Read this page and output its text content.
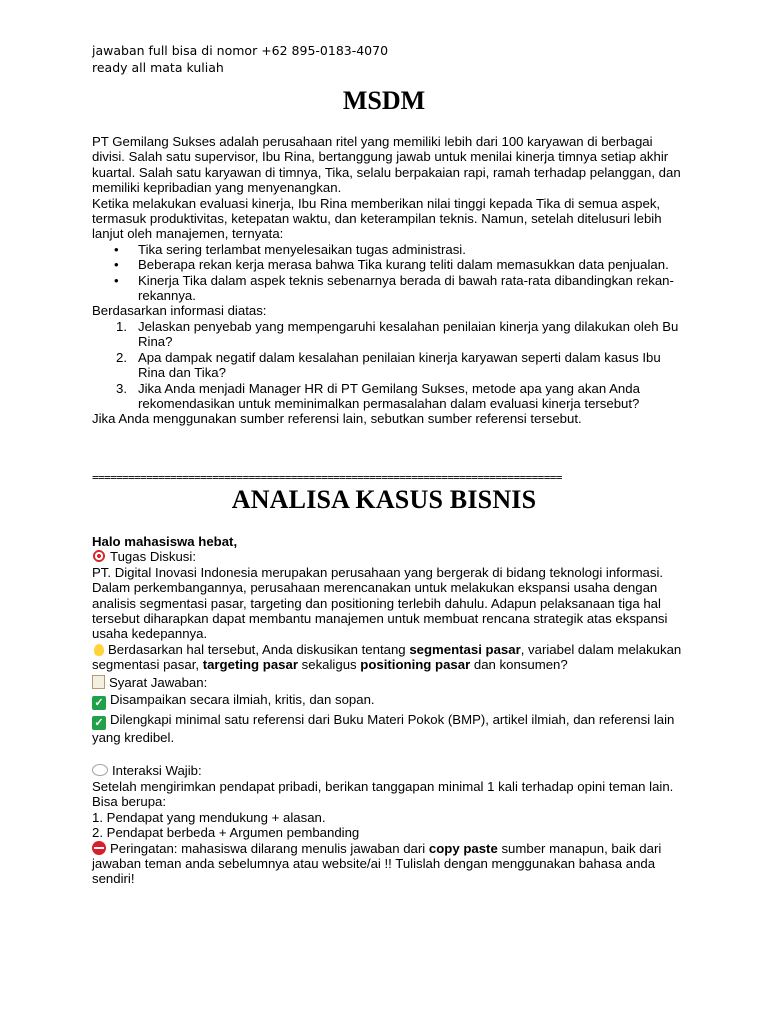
jawaban full bisa di nomor +62 895-0183-4070
ready all mata kuliah
MSDM

PT Gemilang Sukses adalah perusahaan ritel yang memiliki lebih dari 100 karyawan di berbagai divisi. Salah satu supervisor, Ibu Rina, bertanggung jawab untuk menilai kinerja timnya setiap akhir kuartal. Salah satu karyawan di timnya, Tika, selalu berpakaian rapi, ramah terhadap pelanggan, dan memiliki kepribadian yang menyenangkan.

Ketika melakukan evaluasi kinerja, Ibu Rina memberikan nilai tinggi kepada Tika di semua aspek, termasuk produktivitas, ketepatan waktu, dan keterampilan teknis. Namun, setelah ditelusuri lebih lanjut oleh manajemen, ternyata:

• Tika sering terlambat menyelesaikan tugas administrasi.
• Beberapa rekan kerja merasa bahwa Tika kurang teliti dalam memasukkan data penjualan.
• Kinerja Tika dalam aspek teknis sebenarnya berada di bawah rata-rata dibandingkan rekan-rekannya.

Berdasarkan informasi diatas:

1. Jelaskan penyebab yang mempengaruhi kesalahan penilaian kinerja yang dilakukan oleh Bu Rina?
2. Apa dampak negatif dalam kesalahan penilaian kinerja karyawan seperti dalam kasus Ibu Rina dan Tika?
3. Jika Anda menjadi Manager HR di PT Gemilang Sukses, metode apa yang akan Anda rekomendasikan untuk meminimalkan permasalahan dalam evaluasi kinerja tersebut?

Jika Anda menggunakan sumber referensi lain, sebutkan sumber referensi tersebut.

==============================================================================
ANALISA KASUS BISNIS

Halo mahasiswa hebat,

Tugas Diskusi:

PT. Digital Inovasi Indonesia merupakan perusahaan yang bergerak di bidang teknologi informasi. Dalam perkembangannya, perusahaan merencanakan untuk melakukan ekspansi usaha dengan analisis segmentasi pasar, targeting dan positioning terlebih dahulu. Adapun pelaksanaan tiga hal tersebut diharapkan dapat membantu manajemen untuk membuat rencana strategik atas ekspansi usaha kedepannya.

Berdasarkan hal tersebut, Anda diskusikan tentang segmentasi pasar, variabel dalam melakukan segmentasi pasar, targeting pasar sekaligus positioning pasar dan konsumen?

Syarat Jawaban:

✓ Disampaikan secara ilmiah, kritis, dan sopan.

✓ Dilengkapi minimal satu referensi dari Buku Materi Pokok (BMP), artikel ilmiah, dan referensi lain yang kredibel.

Interaksi Wajib:

Setelah mengirimkan pendapat pribadi, berikan tanggapan minimal 1 kali terhadap opini teman lain. Bisa berupa:

1. Pendapat yang mendukung + alasan.

2. Pendapat berbeda + Argumen pembanding

Peringatan: mahasiswa dilarang menulis jawaban dari copy paste sumber manapun, baik dari jawaban teman anda sebelumnya atau website/ai !! Tulislah dengan menggunakan bahasa anda sendiri!
